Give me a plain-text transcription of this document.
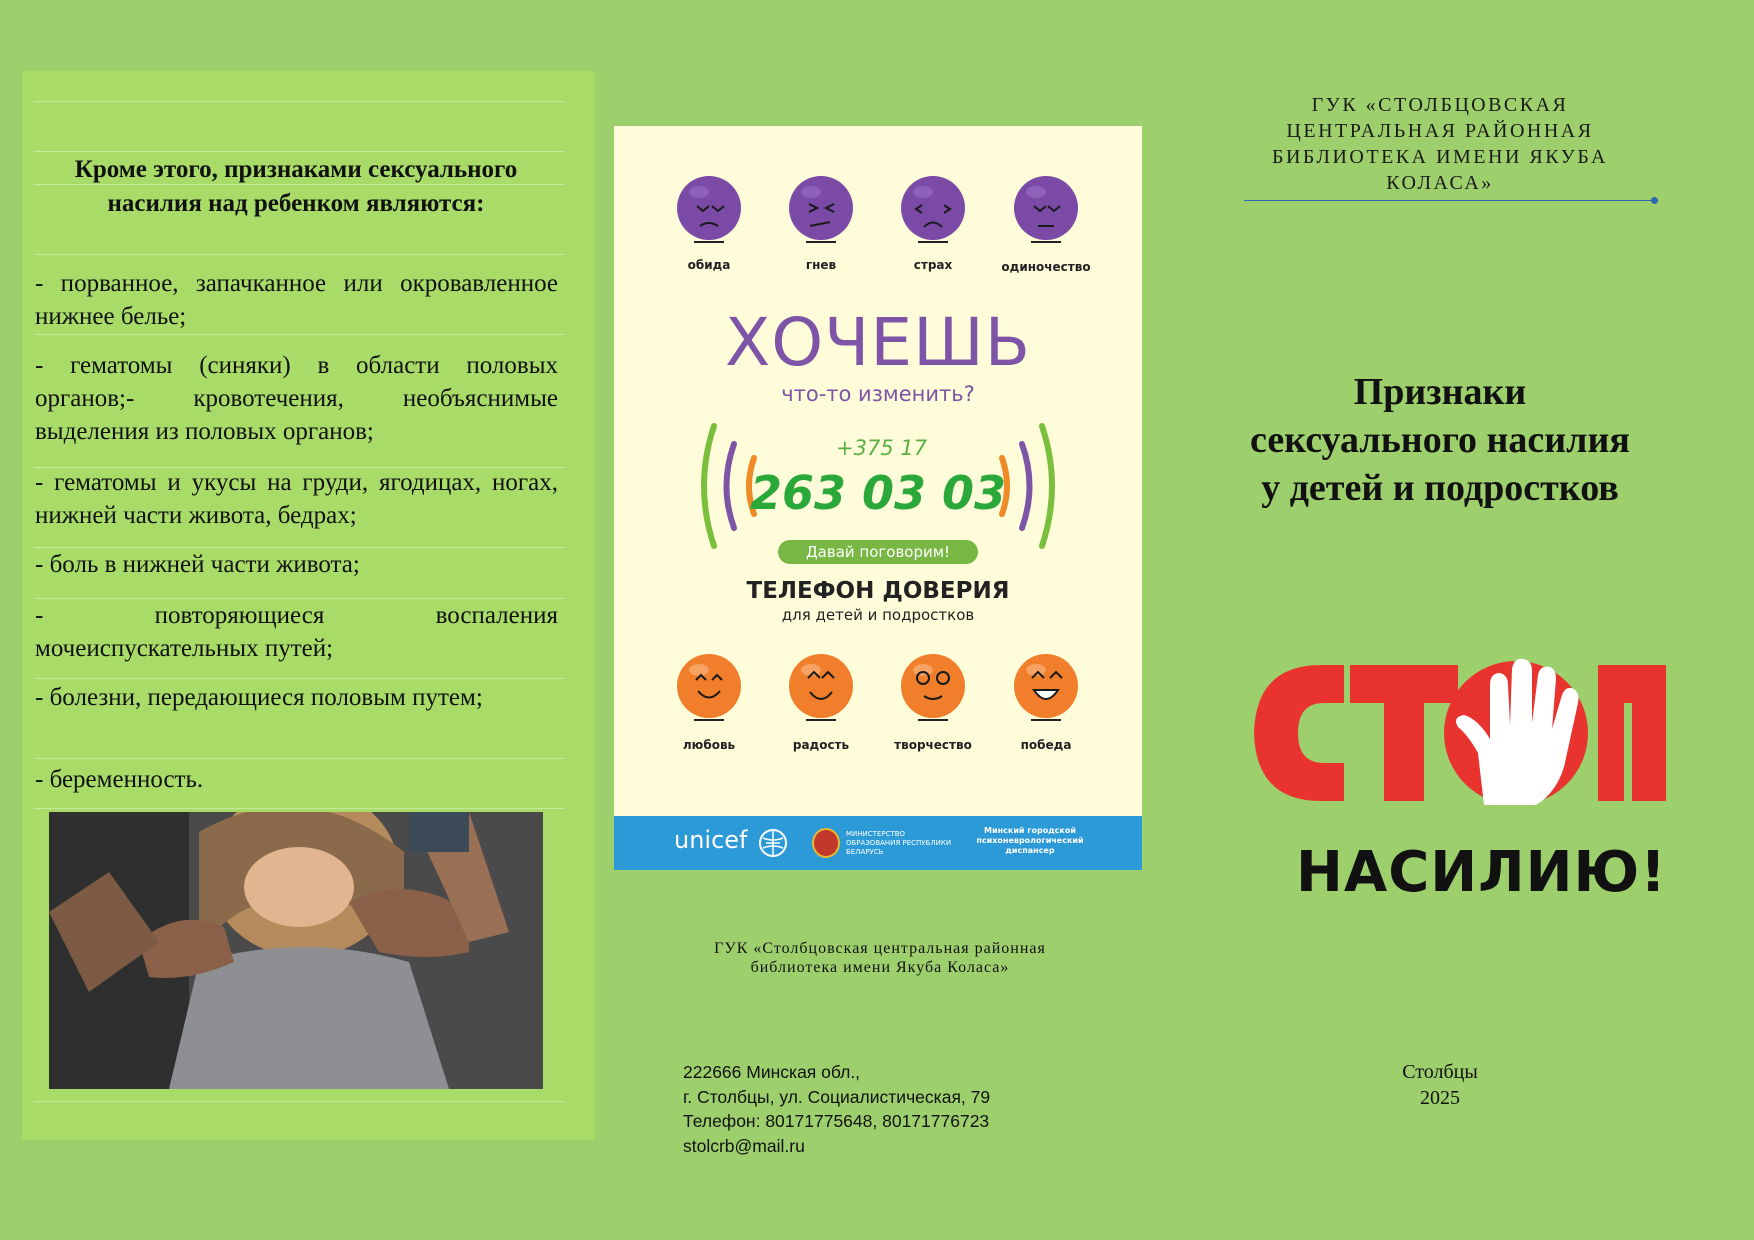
Кроме этого, признаками сексуального насилия над ребенком являются:
- порванное, запачканное или окровавленное нижнее белье;
- гематомы (синяки) в области половых органов;- кровотечения, необъяснимые выделения из половых органов;
- гематомы и укусы на груди, ягодицах, ногах, нижней части живота, бедрах;
- боль в нижней части живота;
- повторяющиеся воспаления мочеиспускательных путей;
- болезни, передающиеся половым путем;
- беременность.
обида	гнев	страх	одиночество
ХОЧЕШЬ
что-то изменить?
+375 17
263 03 03
Давай поговорим!
ТЕЛЕФОН ДОВЕРИЯ
для детей и подростков
любовь	радость	творчество	победа
unicef	МИНИСТЕРСТВО ОБРАЗОВАНИЯ РЕСПУБЛИКИ БЕЛАРУСЬ
Минский городской психоневрологический диспансер
ГУК «Столбцовская центральная районная библиотека имени Якуба Коласа»
222666 Минская обл.,
г. Столбцы, ул. Социалистическая, 79
Телефон: 80171775648, 80171776723
stolcrb@mail.ru
ГУК «СТОЛБЦОВСКАЯ ЦЕНТРАЛЬНАЯ РАЙОННАЯ БИБЛИОТЕКА ИМЕНИ ЯКУБА КОЛАСА»
Признаки сексуального насилия у детей и подростков
НАСИЛИЮ!
Столбцы
2025
